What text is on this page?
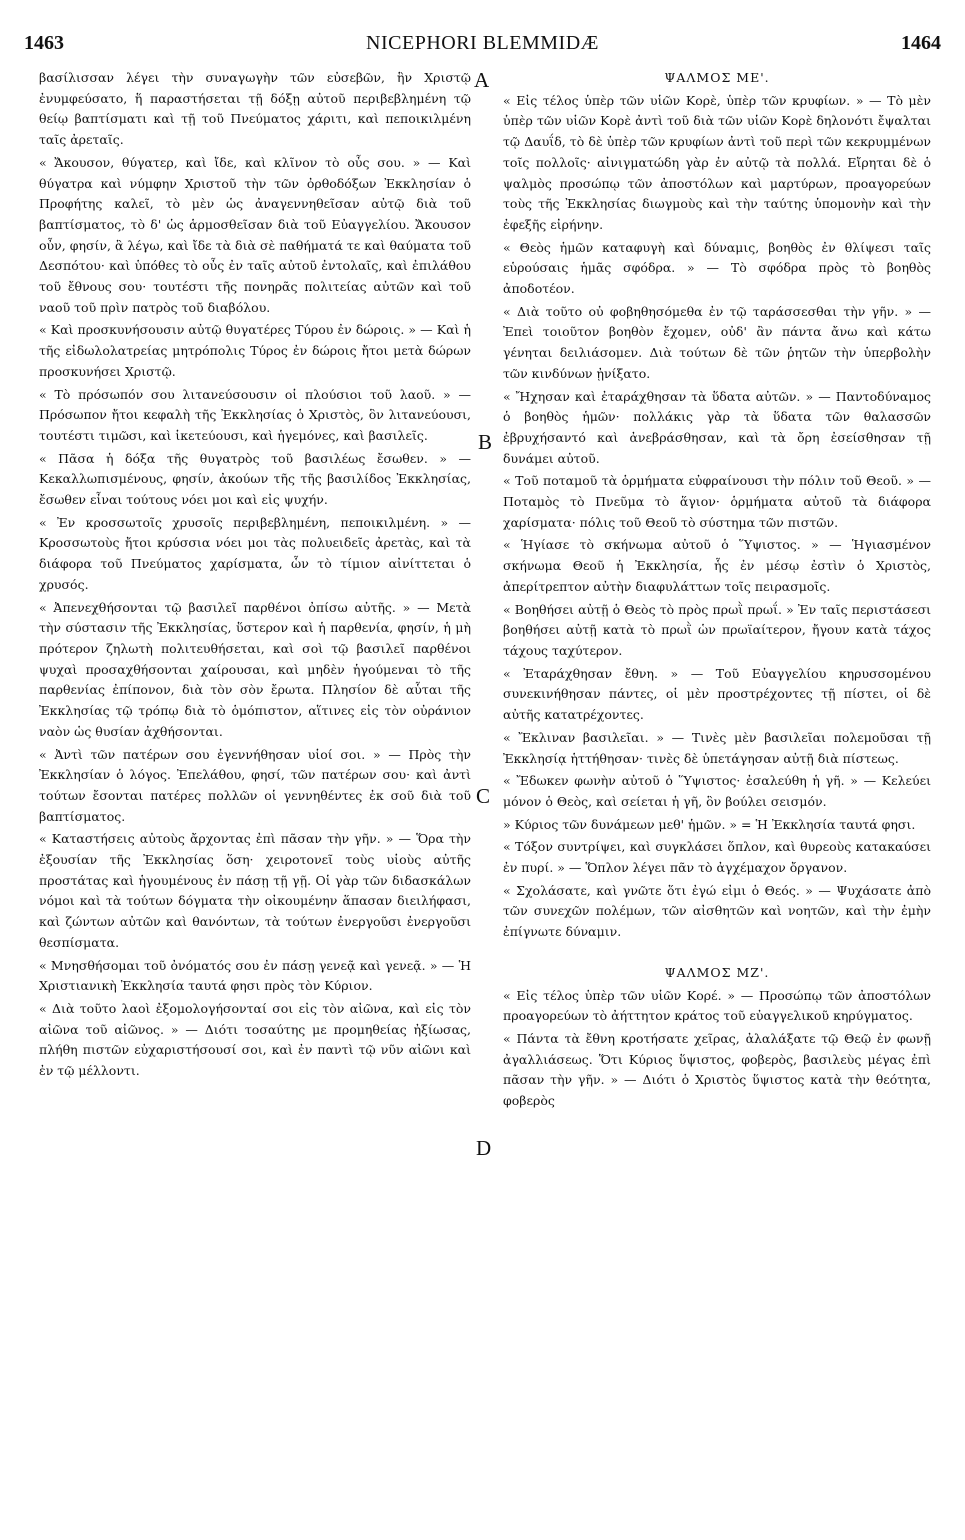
1463	NICEPHORI BLEMMIDÆ	1464

βασίλισσαν λέγει τὴν συναγωγὴν τῶν εὐσεβῶν, ἣν Χριστῷ ἐνυμφεύσατο, ἥ παραστήσεται τῇ δόξῃ αὐτοῦ περιβεβλημένη τῷ θείῳ βαπτίσματι καὶ τῇ τοῦ Πνεύματος χάριτι, καὶ πεποικιλμένη ταῖς ἀρεταῖς.

« Ἄκουσον, θύγατερ, καὶ ἴδε, καὶ κλῖνον τὸ οὖς σου. » — Καὶ θύγατρα καὶ νύμφην Χριστοῦ τὴν τῶν ὀρθοδόξων Ἐκκλησίαν ὁ Προφήτης καλεῖ, τὸ μὲν ὡς ἀναγεννηθεῖσαν αὐτῷ διὰ τοῦ βαπτίσματος, τὸ δ' ὡς ἁρμοσθεῖσαν διὰ τοῦ Εὐαγγελίου. Ἄκουσον οὖν, φησίν, ἃ λέγω, καὶ ἴδε τὰ διὰ σὲ παθήματά τε καὶ θαύματα τοῦ Δεσπότου· καὶ ὑπόθες τὸ οὖς ἐν ταῖς αὐτοῦ ἐντολαῖς, καὶ ἐπιλάθου τοῦ ἔθνους σου· τουτέστι τῆς πονηρᾶς πολιτείας αὐτῶν καὶ τοῦ ναοῦ τοῦ πρὶν πατρὸς τοῦ διαβόλου.

« Καὶ προσκυνήσουσιν αὐτῷ θυγατέρες Τύρου ἐν δώροις. » — Καὶ ἡ τῆς εἰδωλολατρείας μητρόπολις Τύρος ἐν δώροις ἤτοι μετὰ δώρων προσκυνήσει Χριστῷ.

« Τὸ πρόσωπόν σου λιτανεύσουσιν οἱ πλούσιοι τοῦ λαοῦ. » — Πρόσωπον ἤτοι κεφαλὴ τῆς Ἐκκλησίας ὁ Χριστὸς, ὃν λιτανεύουσι, τουτέστι τιμῶσι, καὶ ἱκετεύουσι, καὶ ἡγεμόνες, καὶ βασιλεῖς.

« Πᾶσα ἡ δόξα τῆς θυγατρὸς τοῦ βασιλέως ἔσωθεν. » — Κεκαλλωπισμένους, φησίν, ἀκούων τῆς τῆς βασιλίδος Ἐκκλησίας, ἔσωθεν εἶναι τούτους νόει μοι καὶ εἰς ψυχήν.

« Ἐν κροσσωτοῖς χρυσοῖς περιβεβλημένη, πεποικιλμένη. » — Κροσσωτοὺς ἤτοι κρύσσια νόει μοι τὰς πολυειδεῖς ἀρετὰς, καὶ τὰ διάφορα τοῦ Πνεύματος χαρίσματα, ὧν τὸ τίμιον αἰνίττεται ὁ χρυσός.

« Ἀπενεχθήσονται τῷ βασιλεῖ παρθένοι ὀπίσω αὐτῆς. » — Μετὰ τὴν σύστασιν τῆς Ἐκκλησίας, ὕστερον καὶ ἡ παρθενία, φησίν, ἡ μὴ πρότερον ζηλωτὴ πολιτευθήσεται, καὶ σοὶ τῷ βασιλεῖ παρθένοι ψυχαὶ προσαχθήσονται χαίρουσαι, καὶ μηδὲν ἡγούμεναι τὸ τῆς παρθενίας ἐπίπονον, διὰ τὸν σὸν ἔρωτα. Πλησίον δὲ αὗται τῆς Ἐκκλησίας τῷ τρόπῳ διὰ τὸ ὁμόπιστον, αἵτινες εἰς τὸν οὐράνιον ναὸν ὡς θυσίαν ἀχθήσονται.

« Ἀντὶ τῶν πατέρων σου ἐγεννήθησαν υἱοί σοι. » — Πρὸς τὴν Ἐκκλησίαν ὁ λόγος. Ἐπελάθου, φησί, τῶν πατέρων σου· καὶ ἀντὶ τούτων ἔσονται πατέρες πολλῶν οἱ γεννηθέντες ἐκ σοῦ διὰ τοῦ βαπτίσματος.

« Καταστήσεις αὐτοὺς ἄρχοντας ἐπὶ πᾶσαν τὴν γῆν. » — Ὅρα τὴν ἐξουσίαν τῆς Ἐκκλησίας ὅση· χειροτονεῖ τοὺς υἱοὺς αὐτῆς προστάτας καὶ ἡγουμένους ἐν πάσῃ τῇ γῇ. Οἱ γὰρ τῶν διδασκάλων νόμοι καὶ τὰ τούτων δόγματα τὴν οἰκουμένην ἅπασαν διειλήφασι, καὶ ζώντων αὐτῶν καὶ θανόντων, τὰ τούτων ἐνεργοῦσι ἐνεργοῦσι θεσπίσματα.

« Μνησθήσομαι τοῦ ὀνόματός σου ἐν πάσῃ γενεᾷ καὶ γενεᾷ. » — Ἡ Χριστιανικὴ Ἐκκλησία ταυτά φησι πρὸς τὸν Κύριον.

« Διὰ τοῦτο λαοὶ ἐξομολογήσονταί σοι εἰς τὸν αἰῶνα, καὶ εἰς τὸν αἰῶνα τοῦ αἰῶνος. » — Διότι τοσαύτης με προμηθείας ἠξίωσας, πλήθη πιστῶν εὐχαριστήσουσί σοι, καὶ ἐν παντὶ τῷ νῦν αἰῶνι καὶ ἐν τῷ μέλλοντι.

ΨΑΛΜΟΣ ΜΕ'.

« Εἰς τέλος ὑπὲρ τῶν υἱῶν Κορὲ, ὑπὲρ τῶν κρυφίων. » — Τὸ μὲν ὑπὲρ τῶν υἱῶν Κορὲ ἀντὶ τοῦ διὰ τῶν υἱῶν Κορὲ δηλονότι ἔψαλται τῷ Δαυΐδ, τὸ δὲ ὑπὲρ τῶν κρυφίων ἀντὶ τοῦ περὶ τῶν κεκρυμμένων τοῖς πολλοῖς· αἰνιγματώδη γὰρ ἐν αὐτῷ τὰ πολλά. Εἴρηται δὲ ὁ ψαλμὸς προσώπῳ τῶν ἀποστόλων καὶ μαρτύρων, προαγορεύων τοὺς τῆς Ἐκκλησίας διωγμοὺς καὶ τὴν ταύτης ὑπομονὴν καὶ τὴν ἐφεξῆς εἰρήνην.

« Θεὸς ἡμῶν καταφυγὴ καὶ δύναμις, βοηθὸς ἐν θλίψεσι ταῖς εὑρούσαις ἡμᾶς σφόδρα. » — Τὸ σφόδρα πρὸς τὸ βοηθὸς ἀποδοτέον.

« Διὰ τοῦτο οὐ φοβηθησόμεθα ἐν τῷ ταράσσεσθαι τὴν γῆν. » — Ἐπεὶ τοιοῦτον βοηθὸν ἔχομεν, οὐδ' ἂν πάντα ἄνω καὶ κάτω γένηται δειλιάσομεν. Διὰ τούτων δὲ τῶν ῥητῶν τὴν ὑπερβολὴν τῶν κινδύνων ᾐνίξατο.

« Ἤχησαν καὶ ἐταράχθησαν τὰ ὕδατα αὐτῶν. » — Παντοδύναμος ὁ βοηθὸς ἡμῶν· πολλάκις γὰρ τὰ ὕδατα τῶν θαλασσῶν ἐβρυχήσαντό καὶ ἀνεβράσθησαν, καὶ τὰ ὄρη ἐσείσθησαν τῇ δυνάμει αὐτοῦ.

« Τοῦ ποταμοῦ τὰ ὁρμήματα εὐφραίνουσι τὴν πόλιν τοῦ Θεοῦ. » — Ποταμὸς τὸ Πνεῦμα τὸ ἅγιον· ὁρμήματα αὐτοῦ τὰ διάφορα χαρίσματα· πόλις τοῦ Θεοῦ τὸ σύστημα τῶν πιστῶν.

« Ἡγίασε τὸ σκήνωμα αὐτοῦ ὁ Ὕψιστος. » — Ἡγιασμένον σκήνωμα Θεοῦ ἡ Ἐκκλησία, ἧς ἐν μέσῳ ἐστὶν ὁ Χριστὸς, ἀπερίτρεπτον αὐτὴν διαφυλάττων τοῖς πειρασμοῖς.

« Βοηθήσει αὐτῇ ὁ Θεὸς τὸ πρὸς πρωῒ πρωΐ. » Ἐν ταῖς περιστάσεσι βοηθήσει αὐτῇ κατὰ τὸ πρωῒ ὡν πρωϊαίτερον, ἤγουν κατὰ τάχος τάχους ταχύτερον.

« Ἐταράχθησαν ἔθνη. » — Τοῦ Εὐαγγελίου κηρυσσομένου συνεκινήθησαν πάντες, οἱ μὲν προστρέχοντες τῇ πίστει, οἱ δὲ αὐτῆς κατατρέχοντες.

« Ἔκλιναν βασιλεῖαι. » — Τινὲς μὲν βασιλεῖαι πολεμοῦσαι τῇ Ἐκκλησίᾳ ἡττήθησαν· τινὲς δὲ ὑπετάγησαν αὐτῇ διὰ πίστεως.

« Ἔδωκεν φωνὴν αὐτοῦ ὁ Ὕψιστος· ἐσαλεύθη ἡ γῆ. » — Κελεύει μόνον ὁ Θεὸς, καὶ σείεται ἡ γῆ, ὃν βούλει σεισμόν.

» Κύριος τῶν δυνάμεων μεθ' ἡμῶν. » = Ἡ Ἐκκλησία ταυτά φησι.

« Τόξον συντρίψει, καὶ συγκλάσει ὅπλον, καὶ θυρεοὺς κατακαύσει ἐν πυρί. » — Ὅπλον λέγει πᾶν τὸ ἀγχέμαχον ὄργανον.

« Σχολάσατε, καὶ γνῶτε ὅτι ἐγώ εἰμι ὁ Θεός. » — Ψυχάσατε ἀπὸ τῶν συνεχῶν πολέμων, τῶν αἰσθητῶν καὶ νοητῶν, καὶ τὴν ἐμὴν ἐπίγνωτε δύναμιν.

ΨΑΛΜΟΣ ΜΖ'.

« Εἰς τέλος ὑπὲρ τῶν υἱῶν Κορέ. » — Προσώπῳ τῶν ἀποστόλων προαγορεύων τὸ ἀήττητον κράτος τοῦ εὐαγγελικοῦ κηρύγματος.

« Πάντα τὰ ἔθνη κροτήσατε χεῖρας, ἀλαλάξατε τῷ Θεῷ ἐν φωνῇ ἀγαλλιάσεως. Ὅτι Κύριος ὕψιστος, φοβερὸς, βασιλεὺς μέγας ἐπὶ πᾶσαν τὴν γῆν. » — Διότι ὁ Χριστὸς ὕψιστος κατὰ τὴν θεότητα, φοβερὸς

A
B
C
D
